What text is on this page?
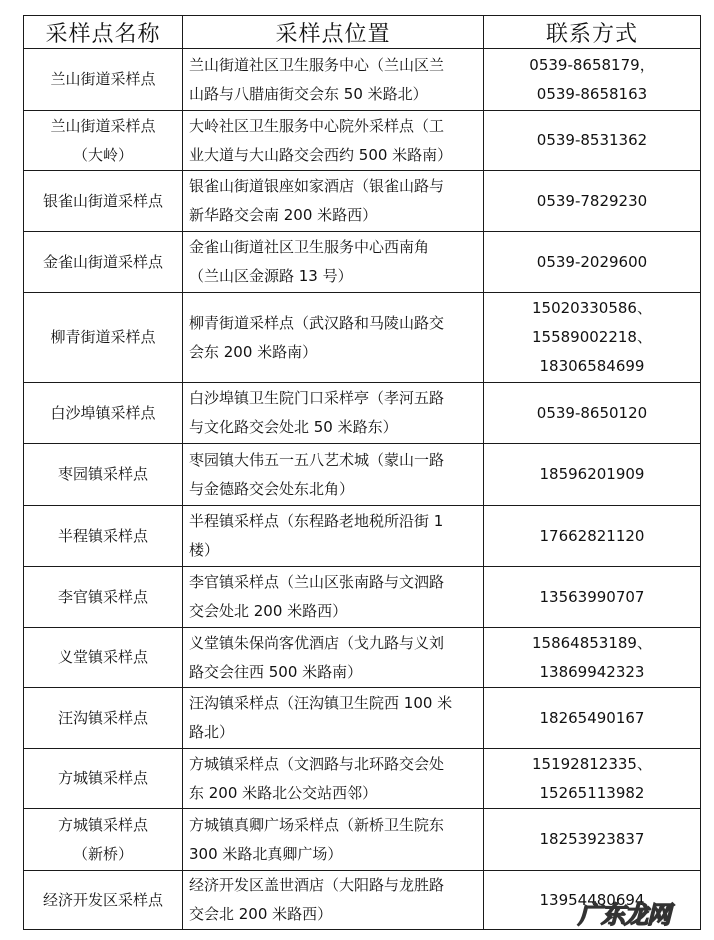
采样点名称	采样点位置	联系方式

兰山街道采样点	兰山街道社区卫生服务中心（兰山区兰
山路与八腊庙街交会东 50 米路北）	0539-8658179，
0539-8658163

兰山街道采样点
（大岭）	大岭社区卫生服务中心院外采样点（工
业大道与大山路交会西约 500 米路南）	0539-8531362

银雀山街道采样点	银雀山街道银座如家酒店（银雀山路与
新华路交会南 200 米路西）	0539-7829230

金雀山街道采样点	金雀山街道社区卫生服务中心西南角
（兰山区金源路 13 号）	0539-2029600

柳青街道采样点	柳青街道采样点（武汉路和马陵山路交
会东 200 米路南）	15020330586、
15589002218、
18306584699

白沙埠镇采样点	白沙埠镇卫生院门口采样亭（孝河五路
与文化路交会处北 50 米路东）	0539-8650120

枣园镇采样点	枣园镇大伟五一五八艺术城（蒙山一路
与金德路交会处东北角）	18596201909

半程镇采样点	半程镇采样点（东程路老地税所沿街 1
楼）	17662821120

李官镇采样点	李官镇采样点（兰山区张南路与文泗路
交会处北 200 米路西）	13563990707

义堂镇采样点	义堂镇朱保尚客优酒店（戈九路与义刘
路交会往西 500 米路南）	15864853189、
13869942323

汪沟镇采样点	汪沟镇采样点（汪沟镇卫生院西 100 米
路北）	18265490167

方城镇采样点	方城镇采样点（文泗路与北环路交会处
东 200 米路北公交站西邻）	15192812335、
15265113982

方城镇采样点
（新桥）	方城镇真卿广场采样点（新桥卫生院东
300 米路北真卿广场）	18253923837

经济开发区采样点	经济开发区盖世酒店（大阳路与龙胜路
交会北 200 米路西）	13954480694
广东龙网
